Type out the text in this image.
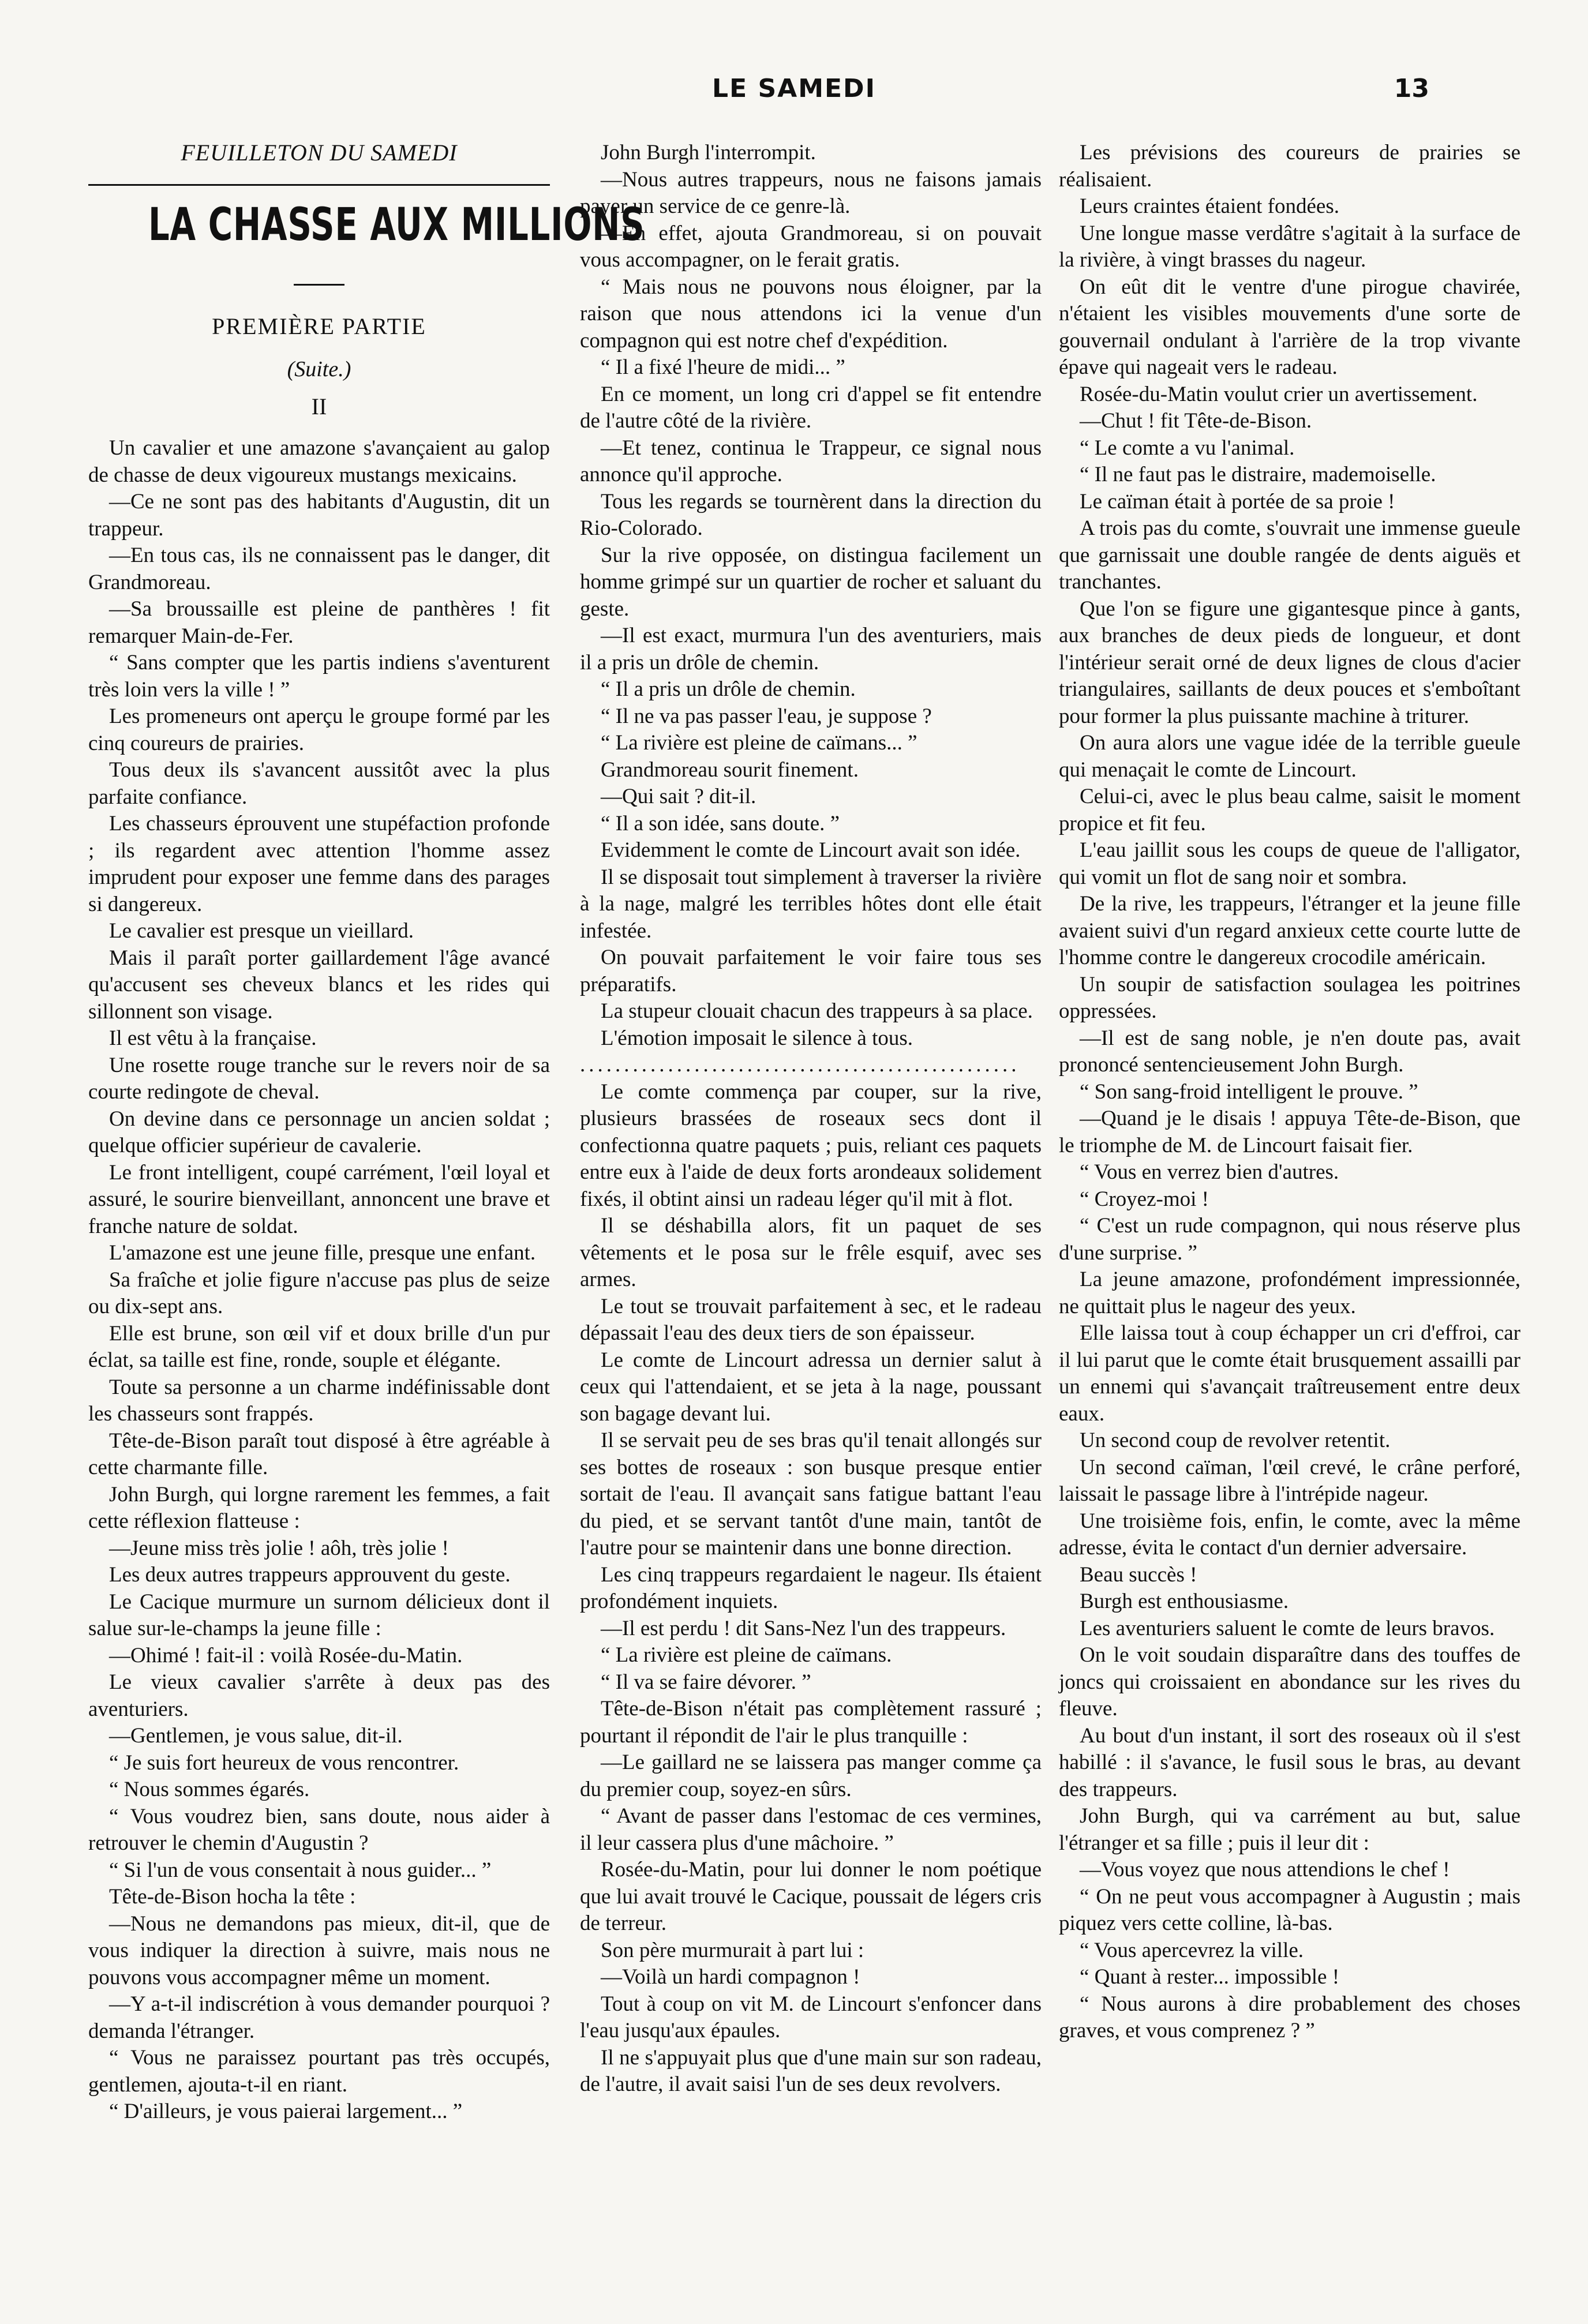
LE SAMEDI	13
FEUILLETON DU SAMEDI
LA CHASSE AUX MILLIONS
PREMIÈRE PARTIE
(Suite.)
II

Un cavalier et une amazone s'avançaient au galop de chasse de deux vigoureux mustangs mexicains.

—Ce ne sont pas des habitants d'Augustin, dit un trappeur.

—En tous cas, ils ne connaissent pas le danger, dit Grandmoreau.

—Sa broussaille est pleine de panthères ! fit remarquer Main-de-Fer.

“ Sans compter que les partis indiens s'aventurent très loin vers la ville ! ”

Les promeneurs ont aperçu le groupe formé par les cinq coureurs de prairies.

Tous deux ils s'avancent aussitôt avec la plus parfaite confiance.

Les chasseurs éprouvent une stupéfaction profonde ; ils regardent avec attention l'homme assez imprudent pour exposer une femme dans des parages si dangereux.

Le cavalier est presque un vieillard.

Mais il paraît porter gaillardement l'âge avancé qu'accusent ses cheveux blancs et les rides qui sillonnent son visage.

Il est vêtu à la française.

Une rosette rouge tranche sur le revers noir de sa courte redingote de cheval.

On devine dans ce personnage un ancien soldat ; quelque officier supérieur de cavalerie.

Le front intelligent, coupé carrément, l'œil loyal et assuré, le sourire bienveillant, annoncent une brave et franche nature de soldat.

L'amazone est une jeune fille, presque une enfant.

Sa fraîche et jolie figure n'accuse pas plus de seize ou dix-sept ans.

Elle est brune, son œil vif et doux brille d'un pur éclat, sa taille est fine, ronde, souple et élégante.

Toute sa personne a un charme indéfinissable dont les chasseurs sont frappés.

Tête-de-Bison paraît tout disposé à être agréable à cette charmante fille.

John Burgh, qui lorgne rarement les femmes, a fait cette réflexion flatteuse :

—Jeune miss très jolie ! aôh, très jolie !

Les deux autres trappeurs approuvent du geste.

Le Cacique murmure un surnom délicieux dont il salue sur-le-champs la jeune fille :

—Ohimé ! fait-il : voilà Rosée-du-Matin.

Le vieux cavalier s'arrête à deux pas des aventuriers.

—Gentlemen, je vous salue, dit-il.

“ Je suis fort heureux de vous rencontrer.

“ Nous sommes égarés.

“ Vous voudrez bien, sans doute, nous aider à retrouver le chemin d'Augustin ?

“ Si l'un de vous consentait à nous guider... ”

Tête-de-Bison hocha la tête :

—Nous ne demandons pas mieux, dit-il, que de vous indiquer la direction à suivre, mais nous ne pouvons vous accompagner même un moment.

—Y a-t-il indiscrétion à vous demander pourquoi ? demanda l'étranger.

“ Vous ne paraissez pourtant pas très occupés, gentlemen, ajouta-t-il en riant.

“ D'ailleurs, je vous paierai largement... ”

John Burgh l'interrompit.

—Nous autres trappeurs, nous ne faisons jamais payer un service de ce genre-là.

—En effet, ajouta Grandmoreau, si on pouvait vous accompagner, on le ferait gratis.

“ Mais nous ne pouvons nous éloigner, par la raison que nous attendons ici la venue d'un compagnon qui est notre chef d'expédition.

“ Il a fixé l'heure de midi... ”

En ce moment, un long cri d'appel se fit entendre de l'autre côté de la rivière.

—Et tenez, continua le Trappeur, ce signal nous annonce qu'il approche.

Tous les regards se tournèrent dans la direction du Rio-Colorado.

Sur la rive opposée, on distingua facilement un homme grimpé sur un quartier de rocher et saluant du geste.

—Il est exact, murmura l'un des aventuriers, mais il a pris un drôle de chemin.

“ Il a pris un drôle de chemin.

“ Il ne va pas passer l'eau, je suppose ?

“ La rivière est pleine de caïmans... ”

Grandmoreau sourit finement.

—Qui sait ? dit-il.

“ Il a son idée, sans doute. ”

Evidemment le comte de Lincourt avait son idée.

Il se disposait tout simplement à traverser la rivière à la nage, malgré les terribles hôtes dont elle était infestée.

On pouvait parfaitement le voir faire tous ses préparatifs.

La stupeur clouait chacun des trappeurs à sa place.

L'émotion imposait le silence à tous.

..................................................

Le comte commença par couper, sur la rive, plusieurs brassées de roseaux secs dont il confectionna quatre paquets ; puis, reliant ces paquets entre eux à l'aide de deux forts arondeaux solidement fixés, il obtint ainsi un radeau léger qu'il mit à flot.

Il se déshabilla alors, fit un paquet de ses vêtements et le posa sur le frêle esquif, avec ses armes.

Le tout se trouvait parfaitement à sec, et le radeau dépassait l'eau des deux tiers de son épaisseur.

Le comte de Lincourt adressa un dernier salut à ceux qui l'attendaient, et se jeta à la nage, poussant son bagage devant lui.

Il se servait peu de ses bras qu'il tenait allongés sur ses bottes de roseaux : son busque presque entier sortait de l'eau. Il avançait sans fatigue battant l'eau du pied, et se servant tantôt d'une main, tantôt de l'autre pour se maintenir dans une bonne direction.

Les cinq trappeurs regardaient le nageur. Ils étaient profondément inquiets.

—Il est perdu ! dit Sans-Nez l'un des trappeurs.

“ La rivière est pleine de caïmans.

“ Il va se faire dévorer. ”

Tête-de-Bison n'était pas complètement rassuré ; pourtant il répondit de l'air le plus tranquille :

—Le gaillard ne se laissera pas manger comme ça du premier coup, soyez-en sûrs.

“ Avant de passer dans l'estomac de ces vermines, il leur cassera plus d'une mâchoire. ”

Rosée-du-Matin, pour lui donner le nom poétique que lui avait trouvé le Cacique, poussait de légers cris de terreur.

Son père murmurait à part lui :

—Voilà un hardi compagnon !

Tout à coup on vit M. de Lincourt s'enfoncer dans l'eau jusqu'aux épaules.

Il ne s'appuyait plus que d'une main sur son radeau, de l'autre, il avait saisi l'un de ses deux revolvers.

Les prévisions des coureurs de prairies se réalisaient.

Leurs craintes étaient fondées.

Une longue masse verdâtre s'agitait à la surface de la rivière, à vingt brasses du nageur.

On eût dit le ventre d'une pirogue chavirée, n'étaient les visibles mouvements d'une sorte de gouvernail ondulant à l'arrière de la trop vivante épave qui nageait vers le radeau.

Rosée-du-Matin voulut crier un avertissement.

—Chut ! fit Tête-de-Bison.

“ Le comte a vu l'animal.

“ Il ne faut pas le distraire, mademoiselle.

Le caïman était à portée de sa proie !

A trois pas du comte, s'ouvrait une immense gueule que garnissait une double rangée de dents aiguës et tranchantes.

Que l'on se figure une gigantesque pince à gants, aux branches de deux pieds de longueur, et dont l'intérieur serait orné de deux lignes de clous d'acier triangulaires, saillants de deux pouces et s'emboîtant pour former la plus puissante machine à triturer.

On aura alors une vague idée de la terrible gueule qui menaçait le comte de Lincourt.

Celui-ci, avec le plus beau calme, saisit le moment propice et fit feu.

L'eau jaillit sous les coups de queue de l'alligator, qui vomit un flot de sang noir et sombra.

De la rive, les trappeurs, l'étranger et la jeune fille avaient suivi d'un regard anxieux cette courte lutte de l'homme contre le dangereux crocodile américain.

Un soupir de satisfaction soulagea les poitrines oppressées.

—Il est de sang noble, je n'en doute pas, avait prononcé sentencieusement John Burgh.

“ Son sang-froid intelligent le prouve. ”

—Quand je le disais ! appuya Tête-de-Bison, que le triomphe de M. de Lincourt faisait fier.

“ Vous en verrez bien d'autres.

“ Croyez-moi !

“ C'est un rude compagnon, qui nous réserve plus d'une surprise. ”

La jeune amazone, profondément impressionnée, ne quittait plus le nageur des yeux.

Elle laissa tout à coup échapper un cri d'effroi, car il lui parut que le comte était brusquement assailli par un ennemi qui s'avançait traîtreusement entre deux eaux.

Un second coup de revolver retentit.

Un second caïman, l'œil crevé, le crâne perforé, laissait le passage libre à l'intrépide nageur.

Une troisième fois, enfin, le comte, avec la même adresse, évita le contact d'un dernier adversaire.

Beau succès !

Burgh est enthousiasme.

Les aventuriers saluent le comte de leurs bravos.

On le voit soudain disparaître dans des touffes de joncs qui croissaient en abondance sur les rives du fleuve.

Au bout d'un instant, il sort des roseaux où il s'est habillé : il s'avance, le fusil sous le bras, au devant des trappeurs.

John Burgh, qui va carrément au but, salue l'étranger et sa fille ; puis il leur dit :

—Vous voyez que nous attendions le chef !

“ On ne peut vous accompagner à Augustin ; mais piquez vers cette colline, là-bas.

“ Vous apercevrez la ville.

“ Quant à rester... impossible !

“ Nous aurons à dire probablement des choses graves, et vous comprenez ? ”
